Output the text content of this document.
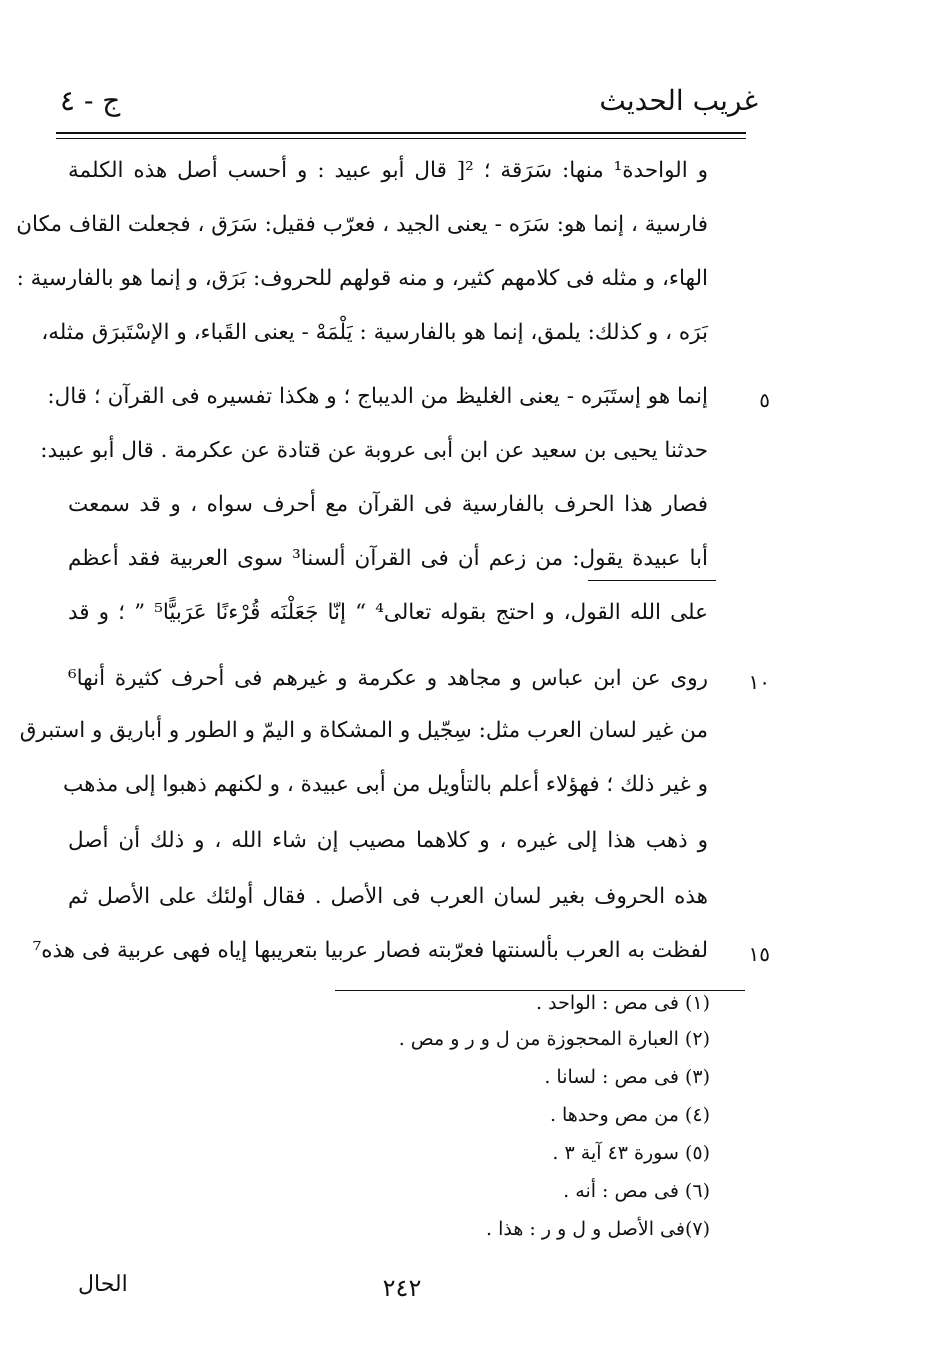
غريب الحديث
ج - ٤
و الواحدة¹ منها: سَرَقة ؛ ²[ قال أبو عبيد : و أحسب أصل هذه الكلمة
فارسية ، إنما هو: سَرَه - يعنى الجيد ، فعرّب فقيل: سَرَق ، فجعلت القاف مكان
الهاء، و مثله فى كلامهم كثير، و منه قولهم للحروف: بَرَق، و إنما هو بالفارسية :
بَرَه ، و كذلك: يلمق، إنما هو بالفارسية : يَلْمَهْ - يعنى القَباء، و الإسْتَبرَق مثله،
إنما هو إستَبَره - يعنى الغليظ من الديباج ؛ و هكذا تفسيره فى القرآن ؛ قال:
حدثنا يحيى بن سعيد عن ابن أبى عروبة عن قتادة عن عكرمة . قال أبو عبيد:
فصار هذا الحرف بالفارسية فى القرآن مع أحرف سواه ، و قد سمعت
أبا عبيدة يقول: من زعم أن فى القرآن ألسنا³ سوى العربية فقد أعظم
على الله القول، و احتج بقوله تعالى⁴ “ إنّا جَعَلْنَه قُرْءنًا عَرَبيًّا⁵ ” ؛ و قد
روى عن ابن عباس و مجاهد و عكرمة و غيرهم فى أحرف كثيرة أنها⁶
من غير لسان العرب مثل: سِجّيل و المشكاة و اليمّ و الطور و أباريق و استبرق
و غير ذلك ؛ فهؤلاء أعلم بالتأويل من أبى عبيدة ، و لكنهم ذهبوا إلى مذهب
و ذهب هذا إلى غيره ، و كلاهما مصيب إن شاء الله ، و ذلك أن أصل
هذه الحروف بغير لسان العرب فى الأصل . فقال أولئك على الأصل ثم
لفظت به العرب بألسنتها فعرّبته فصار عربيا بتعريبها إياه فهى عربية فى هذه⁷
٥
١٠
١٥
(١) فى مص : الواحد .
(٢) العبارة المحجوزة من ل و ر و مص .
(٣) فى مص : لسانا .
(٤) من مص وحدها .
(٥) سورة ٤٣ آية ٣ .
(٦) فى مص : أنه .
(٧)فى الأصل و ل و ر : هذا .
٢٤٢
الحال
